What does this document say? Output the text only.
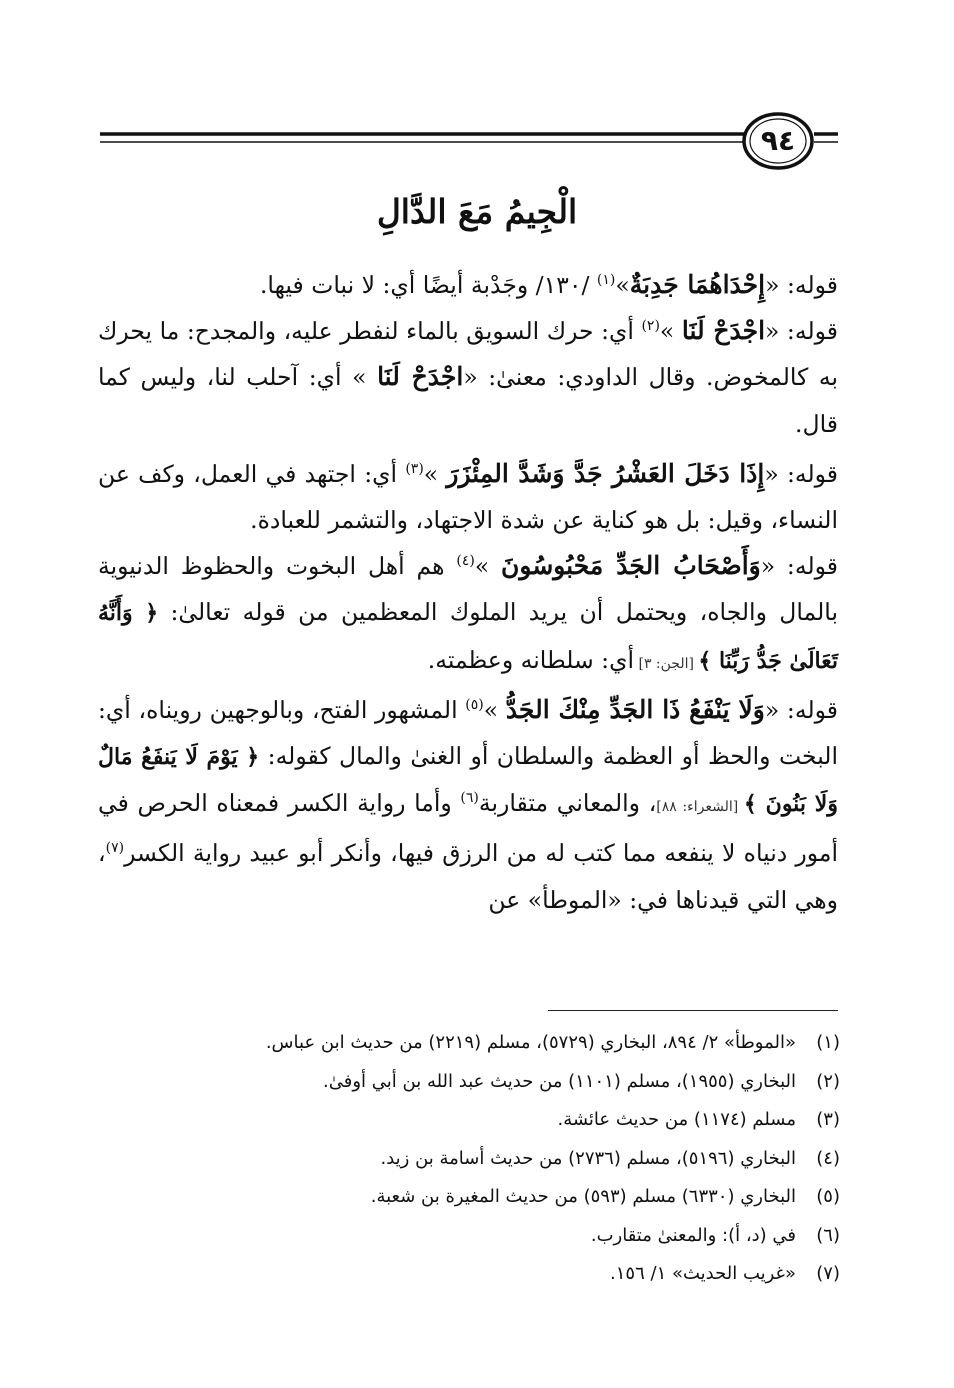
٩٤
الْجِيمُ مَعَ الدَّالِ

قوله: «إِحْدَاهُمَا جَدِبَةٌ»$^{(١)}$ /١٣٠/ وجَدْبة أيضًا أي: لا نبات فيها.

قوله: «اجْدَحْ لَنَا »$^{(٢)}$ أي: حرك السويق بالماء لنفطر عليه، والمجدح: ما يحرك به كالمخوض. وقال الداودي: معنىٰ: «اجْدَحْ لَنَا » أي: آحلب لنا، وليس كما قال.

قوله: «إِذَا دَخَلَ العَشْرُ جَدَّ وَشَدَّ المِئْزَرَ »$^{(٣)}$ أي: اجتهد في العمل، وكف عن النساء، وقيل: بل هو كناية عن شدة الاجتهاد، والتشمر للعبادة.

قوله: «وَأَصْحَابُ الجَدِّ مَحْبُوسُونَ »$^{(٤)}$ هم أهل البخوت والحظوظ الدنيوية بالمال والجاه، ويحتمل أن يريد الملوك المعظمين من قوله تعالىٰ: ﴿ وَأَنَّهُ تَعَالَىٰ جَدُّ رَبِّنَا ﴾ [الجن: ٣] أي: سلطانه وعظمته.

قوله: «وَلَا يَنْفَعُ ذَا الجَدِّ مِنْكَ الجَدُّ »$^{(٥)}$ المشهور الفتح، وبالوجهين رويناه، أي: البخت والحظ أو العظمة والسلطان أو الغنىٰ والمال كقوله: ﴿ يَوْمَ لَا يَنفَعُ مَالٌ وَلَا بَنُونَ ﴾ [الشعراء: ٨٨]، والمعاني متقاربة$^{(٦)}$ وأما رواية الكسر فمعناه الحرص في أمور دنياه لا ينفعه مما كتب له من الرزق فيها، وأنكر أبو عبيد رواية الكسر$^{(٧)}$، وهي التي قيدناها في: «الموطأ» عن

(١)
«الموطأ» ٢/ ٨٩٤، البخاري (٥٧٢٩)، مسلم (٢٢١٩) من حديث ابن عباس.
(٢)
البخاري (١٩٥٥)، مسلم (١١٠١) من حديث عبد الله بن أبي أوفىٰ.
(٣)
مسلم (١١٧٤) من حديث عائشة.
(٤)
البخاري (٥١٩٦)، مسلم (٢٧٣٦) من حديث أسامة بن زيد.
(٥)
البخاري (٦٣٣٠) مسلم (٥٩٣) من حديث المغيرة بن شعبة.
(٦)
في (د، أ): والمعنىٰ متقارب.
(٧)
«غريب الحديث» ١/ ١٥٦.
